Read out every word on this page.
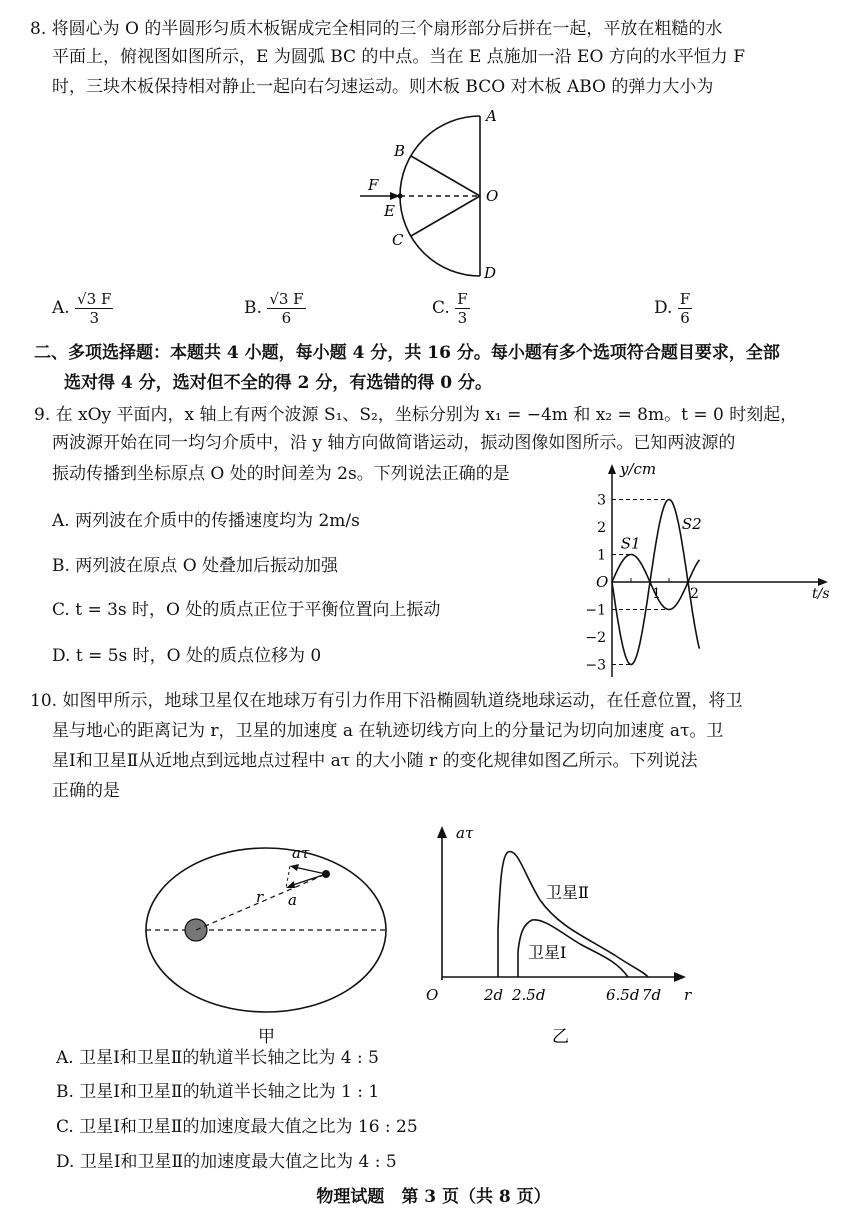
8. 将圆心为 O 的半圆形匀质木板锯成完全相同的三个扇形部分后拼在一起，平放在粗糙的水
平面上，俯视图如图所示，E 为圆弧 BC 的中点。当在 E 点施加一沿 EO 方向的水平恒力 F
时，三块木板保持相对静止一起向右匀速运动。则木板 BCO 对木板 ABO 的弹力大小为
A
B
O
E
C
D
F
A. $\frac{√3 F}{3}$	B. $\frac{√3 F}{6}$	C. $\frac{F}{3}$	D. $\frac{F}{6}$
二、多项选择题：本题共 4 小题，每小题 4 分，共 16 分。每小题有多个选项符合题目要求，全部
选对得 4 分，选对但不全的得 2 分，有选错的得 0 分。
9. 在 xOy 平面内，x 轴上有两个波源 S₁、S₂，坐标分别为 x₁ = −4m 和 x₂ = 8m。t = 0 时刻起，
两波源开始在同一均匀介质中，沿 y 轴方向做简谐运动，振动图像如图所示。已知两波源的
振动传播到坐标原点 O 处的时间差为 2s。下列说法正确的是
A. 两列波在介质中的传播速度均为 2m/s
B. 两列波在原点 O 处叠加后振动加强
C. t = 3s 时，O 处的质点正位于平衡位置向上振动
D. t = 5s 时，O 处的质点位移为 0
y/cm
t/s
O
3
2
1
−1
−2
−3
1 2
S1
S2
10. 如图甲所示，地球卫星仅在地球万有引力作用下沿椭圆轨道绕地球运动，在任意位置，将卫
星与地心的距离记为 r，卫星的加速度 a 在轨迹切线方向上的分量记为切向加速度 aτ。卫
星Ⅰ和卫星Ⅱ从近地点到远地点过程中 aτ 的大小随 r 的变化规律如图乙所示。下列说法
正确的是
aτ
r a
甲
aτ
r
O
卫星Ⅱ
卫星Ⅰ
2d 2.5d	6.5d 7d
乙
A. 卫星Ⅰ和卫星Ⅱ的轨道半长轴之比为 4 : 5
B. 卫星Ⅰ和卫星Ⅱ的轨道半长轴之比为 1 : 1
C. 卫星Ⅰ和卫星Ⅱ的加速度最大值之比为 16 : 25
D. 卫星Ⅰ和卫星Ⅱ的加速度最大值之比为 4 : 5
物理试题　第 3 页（共 8 页）
